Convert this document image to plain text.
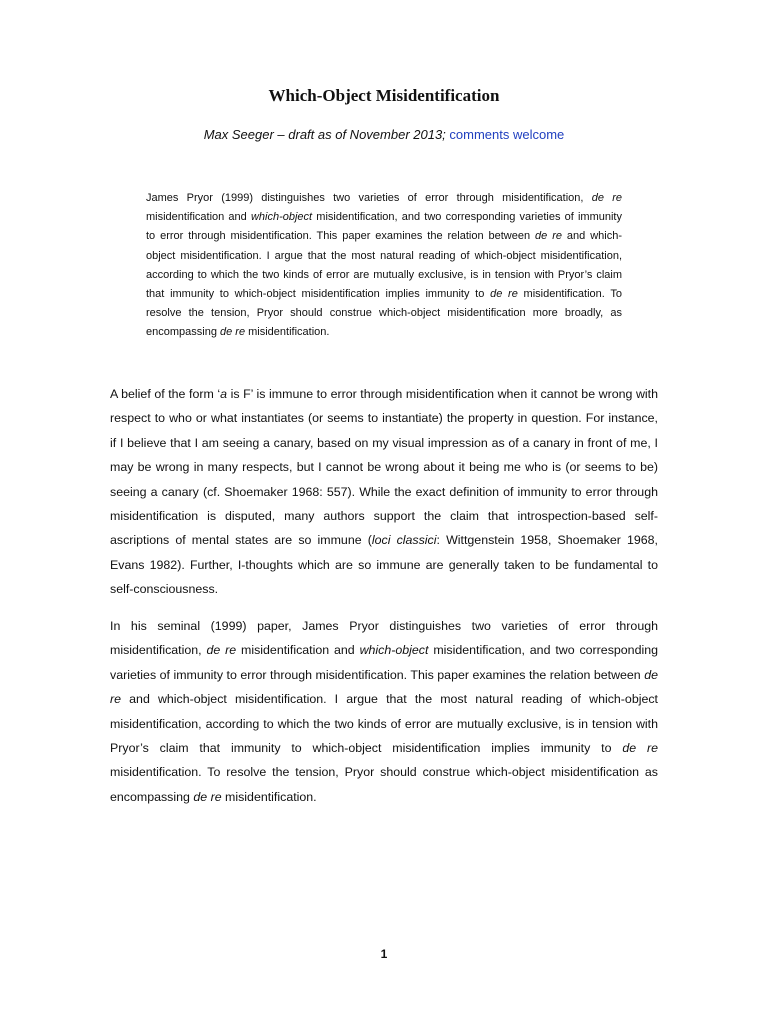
Which-Object Misidentification
Max Seeger – draft as of November 2013; comments welcome
James Pryor (1999) distinguishes two varieties of error through misidentification, de re misidentification and which-object misidentification, and two corresponding varieties of immunity to error through misidentification. This paper examines the relation between de re and which-object misidentification. I argue that the most natural reading of which-object misidentification, according to which the two kinds of error are mutually exclusive, is in tension with Pryor’s claim that immunity to which-object misidentification implies immunity to de re misidentification. To resolve the tension, Pryor should construe which-object misidentification more broadly, as encompassing de re misidentification.
A belief of the form ‘a is F’ is immune to error through misidentification when it cannot be wrong with respect to who or what instantiates (or seems to instantiate) the property in question. For instance, if I believe that I am seeing a canary, based on my visual impression as of a canary in front of me, I may be wrong in many respects, but I cannot be wrong about it being me who is (or seems to be) seeing a canary (cf. Shoemaker 1968: 557). While the exact definition of immunity to error through misidentification is disputed, many authors support the claim that introspection-based self-ascriptions of mental states are so immune (loci classici: Wittgenstein 1958, Shoemaker 1968, Evans 1982). Further, I-thoughts which are so immune are generally taken to be fundamental to self-consciousness.
In his seminal (1999) paper, James Pryor distinguishes two varieties of error through misidentification, de re misidentification and which-object misidentification, and two corresponding varieties of immunity to error through misidentification. This paper examines the relation between de re and which-object misidentification. I argue that the most natural reading of which-object misidentification, according to which the two kinds of error are mutually exclusive, is in tension with Pryor’s claim that immunity to which-object misidentification implies immunity to de re misidentification. To resolve the tension, Pryor should construe which-object misidentification as encompassing de re misidentification.
1
